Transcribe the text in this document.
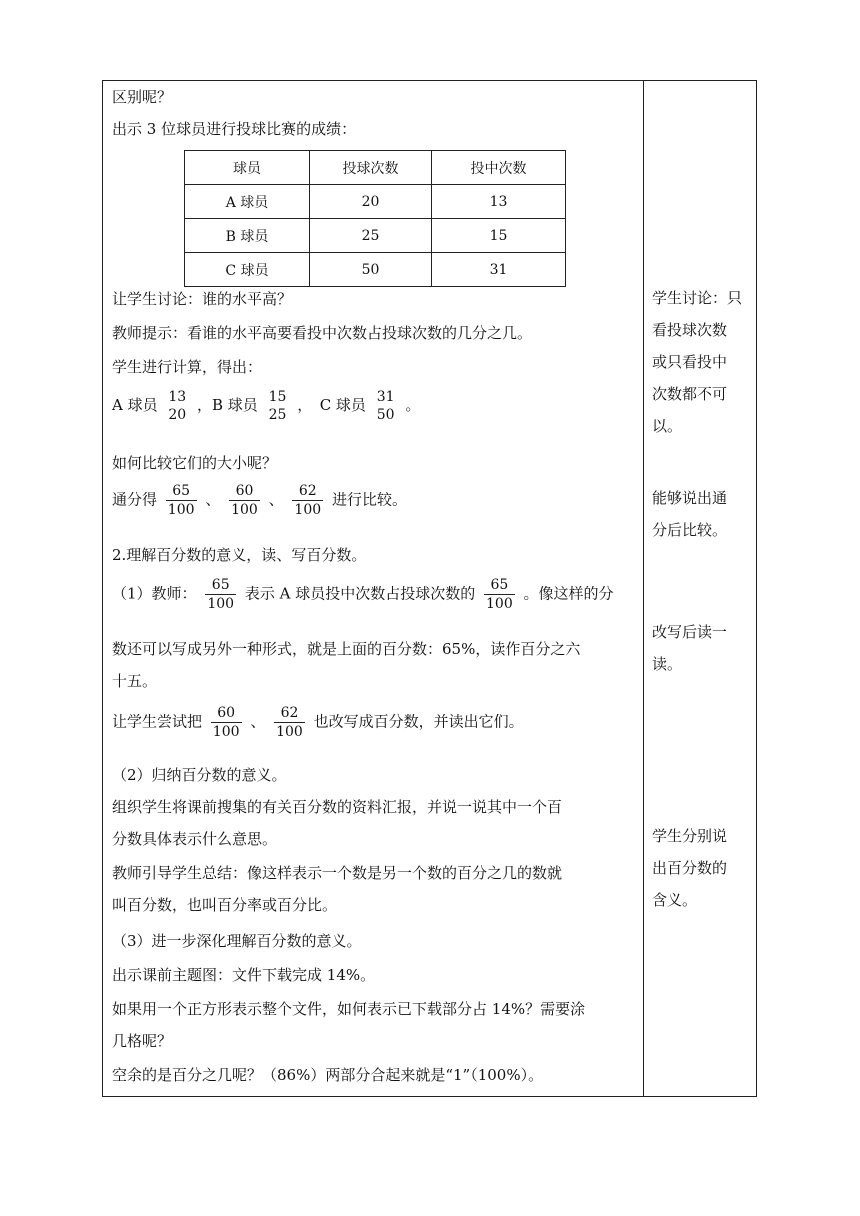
区别呢？
出示 3 位球员进行投球比赛的成绩：
球员	投球次数	投中次数
A 球员	20	13
B 球员	25	15
C 球员	50	31
让学生讨论：谁的水平高？
教师提示：看谁的水平高要看投中次数占投球次数的几分之几。
学生进行计算，得出：
A 球员 13
20
，B 球员 15
25
，　C 球员 31
50
。
如何比较它们的大小呢？
通分得 $\frac{65}{100}$ 、 $\frac{60}{100}$ 、 $\frac{62}{100}$ 进行比较。
2.理解百分数的意义，读、写百分数。
（1）教师： $\frac{65}{100}$ 表示 A 球员投中次数占投球次数的 $\frac{65}{100}$ 。像这样的分
数还可以写成另外一种形式，就是上面的百分数：65%，读作百分之六
十五。
让学生尝试把 $\frac{60}{100}$ 、 $\frac{62}{100}$ 也改写成百分数，并读出它们。
（2）归纳百分数的意义。
组织学生将课前搜集的有关百分数的资料汇报，并说一说其中一个百
分数具体表示什么意思。
教师引导学生总结：像这样表示一个数是另一个数的百分之几的数就
叫百分数，也叫百分率或百分比。
（3）进一步深化理解百分数的意义。
出示课前主题图：文件下载完成 14%。
如果用一个正方形表示整个文件，如何表示已下载部分占 14%？需要涂
几格呢？
空余的是百分之几呢？（86%）两部分合起来就是“1”（100%）。
学生讨论：只
看投球次数
或只看投中
次数都不可
以。
能够说出通
分后比较。
改写后读一
读。
学生分别说
出百分数的
含义。
